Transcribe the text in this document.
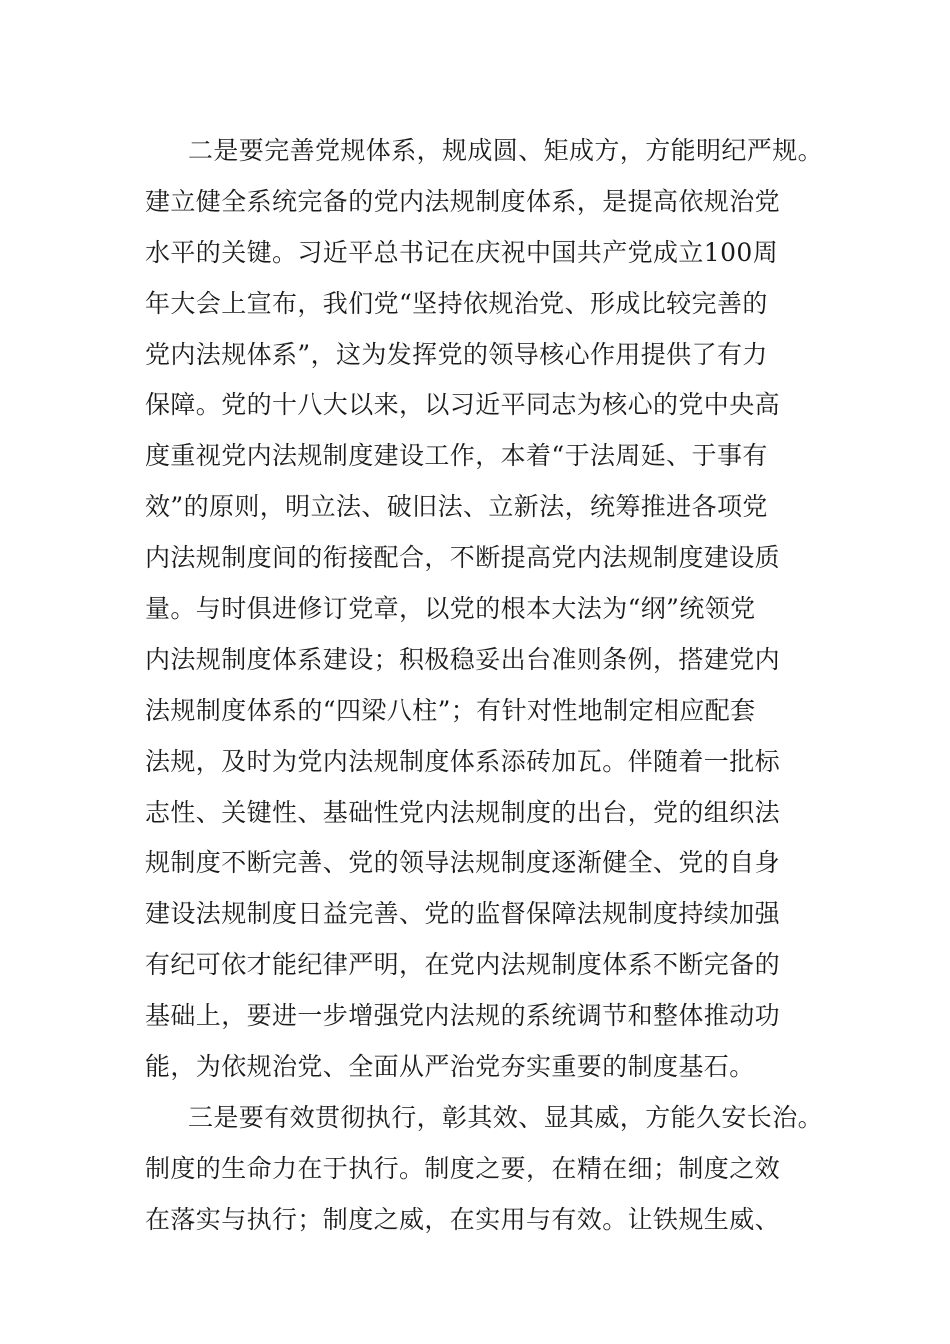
二是要完善党规体系，规成圆、矩成方，方能明纪严规。
建立健全系统完备的党内法规制度体系，是提高依规治党
水平的关键。习近平总书记在庆祝中国共产党成立100周
年大会上宣布，我们党“坚持依规治党、形成比较完善的
党内法规体系”，这为发挥党的领导核心作用提供了有力
保障。党的十八大以来，以习近平同志为核心的党中央高
度重视党内法规制度建设工作，本着“于法周延、于事有
效”的原则，明立法、破旧法、立新法，统筹推进各项党
内法规制度间的衔接配合，不断提高党内法规制度建设质
量。与时俱进修订党章，以党的根本大法为“纲”统领党
内法规制度体系建设；积极稳妥出台准则条例，搭建党内
法规制度体系的“四梁八柱”；有针对性地制定相应配套
法规，及时为党内法规制度体系添砖加瓦。伴随着一批标
志性、关键性、基础性党内法规制度的出台，党的组织法
规制度不断完善、党的领导法规制度逐渐健全、党的自身
建设法规制度日益完善、党的监督保障法规制度持续加强
有纪可依才能纪律严明，在党内法规制度体系不断完备的
基础上，要进一步增强党内法规的系统调节和整体推动功
能，为依规治党、全面从严治党夯实重要的制度基石。
三是要有效贯彻执行，彰其效、显其威，方能久安长治。
制度的生命力在于执行。制度之要，在精在细；制度之效
在落实与执行；制度之威，在实用与有效。让铁规生威、
